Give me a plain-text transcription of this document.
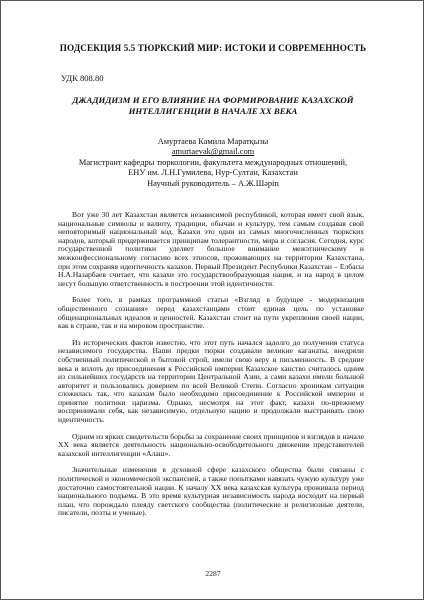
ПОДСЕКЦИЯ 5.5 ТЮРКСКИЙ МИР: ИСТОКИ И СОВРЕМЕННОСТЬ
УДК 808.80
ДЖАДИДИЗМ И ЕГО ВЛИЯНИЕ НА ФОРМИРОВАНИЕ КАЗАХСКОЙ
ИНТЕЛЛИГЕНЦИИ В НАЧАЛЕ XX ВЕКА
Амуртаева Камила Маратқызы
amurtaevak@gmail.com
Магистрант кафедры тюркологии, факультета международных отношений,
ЕНУ им. Л.Н.Гумилева, Нур-Султан, Казахстан
Научный руководитель – А.Ж.Шәріп

Вот уже 30 лет Казахстан является независимой республикой, которая имеет свой язык, национальные символы и валюту, традиции, обычаи и культуру, тем самым создавая свой неповторимый национальный код. Казахи это одни из самых многочисленных тюркских народов, который придерживается принципам толерантности, мира и согласия. Сегодня, курс государственной политики уделяет большое внимание межэтническому и межконфессиональному согласию всех этносов, проживающих на территории Казахстана, при этом сохраняя идентичность казахов. Первый Президент Республики Казахстан – Елбасы Н.А.Назарбаев считает, что казахи это государствообразующая нация, и на народ в целом несут большую ответственность в построении этой идентичности.

Более того, в рамках программной статьи «Взгляд в будущее - модернизация общественного сознания» перед казахстанцами стоит единая цель по установке общенациональных идеалов и ценностей. Казахстан стоит на пути укрепления своей нации, как в стране, так и на мировом пространстве.

Из исторических фактов известно, что этот путь начался задолго до получения статуса независимого государства. Наши предки тюрки создавали великие каганаты, внедряли собственный политической и бытовой строй, имели свою веру и письменность. В средние века и вплоть до присоединения к Российской империи Казахское ханство считалось одним из сильнейших государств на территории Центральной Азии, а сами казахи имели большой авторитет и пользовались доверием по всей Великой Степи. Согласно хроникам ситуация сложилась так, что казахам было необходимо присоединение к Российской империи и принятие политики царизма. Однако, несмотря на этот факт, казахи по-прежнему воспринимали себя, как независимую, отдельную нацию и продолжали выстраивать свою идентичность.

Одним из ярких свидетельств борьбы за сохранение своих принципов и взглядов в начале XX века является деятельность национально-освободительного движения представителей казахской интеллигенции «Алаш».

Значительные изменения в духовной сфере казахского общества были связаны с политической и экономической экспансией, а также попытками навязать чужую культуру уже достаточно самостоятельной нации. К началу XX века казахская культура проживала период национального подъема. В это время культурная независимость народа восходит на первый план, что порождало плеяду светского сообщества (политические и религиозные деятели, писатели, поэты и ученые).

2287
